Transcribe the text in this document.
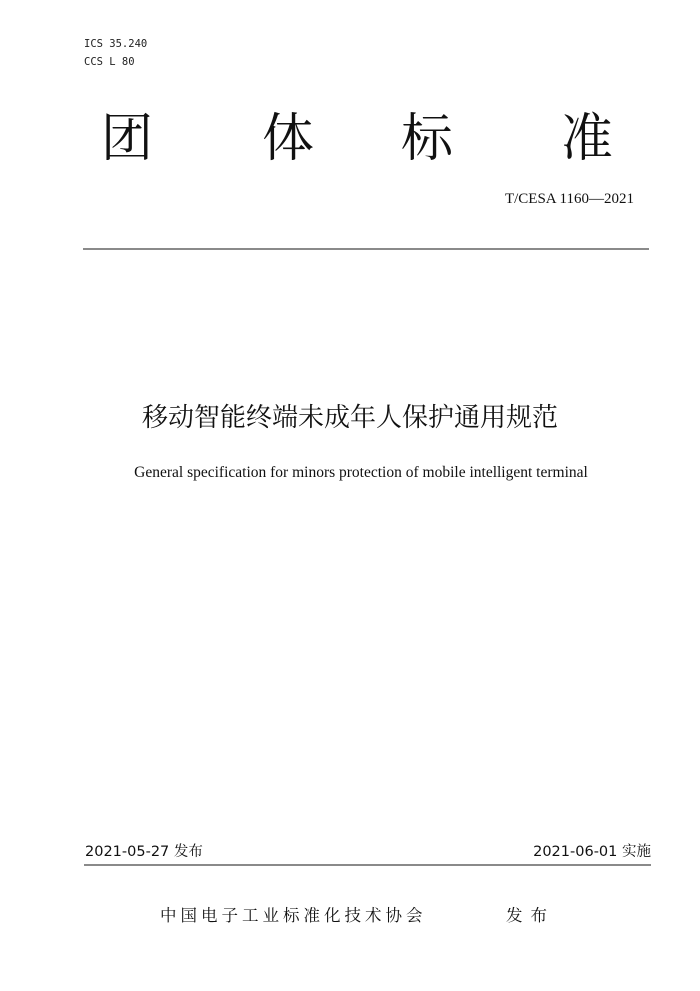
ICS 35.240
CCS L 80
团 体 标 准
T/CESA 1160—2021
移动智能终端未成年人保护通用规范
General specification for minors protection of mobile intelligent terminal
2021-05-27 发布	2021-06-01 实施
中国电子工业标准化技术协会	发布
